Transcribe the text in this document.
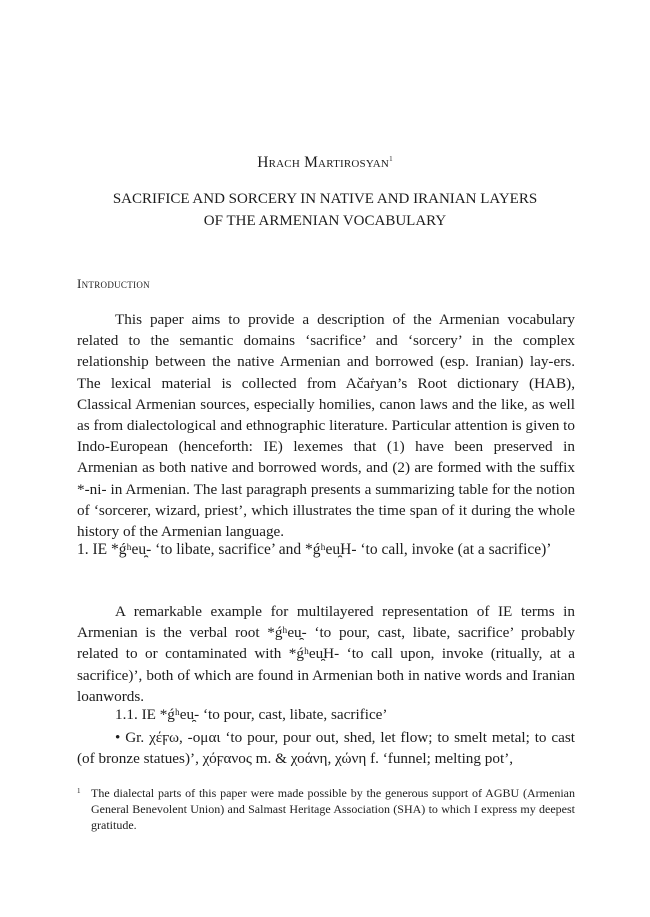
Hrach Martirosyan$^1$
SACRIFICE AND SORCERY IN NATIVE AND IRANIAN LAYERS
OF THE ARMENIAN VOCABULARY
Introduction
This paper aims to provide a description of the Armenian vocabulary related to the semantic domains ‘sacrifice’ and ‘sorcery’ in the complex relationship between the native Armenian and borrowed (esp. Iranian) lay-ers. The lexical material is collected from Ačaṙyan’s Root dictionary (HAB), Classical Armenian sources, especially homilies, canon laws and the like, as well as from dialectological and ethnographic literature. Particular attention is given to Indo-European (henceforth: IE) lexemes that (1) have been preserved in Armenian as both native and borrowed words, and (2) are formed with the suffix *-ni- in Armenian. The last paragraph presents a summarizing table for the notion of ‘sorcerer, wizard, priest’, which illustrates the time span of it during the whole history of the Armenian language.
1. IE *ǵʰeu̯- ‘to libate, sacrifice’ and *ǵʰeu̯H- ‘to call, invoke (at a sacrifice)’
A remarkable example for multilayered representation of IE terms in Armenian is the verbal root *ǵʰeu̯- ‘to pour, cast, libate, sacrifice’ probably related to or contaminated with *ǵʰeu̯H- ‘to call upon, invoke (ritually, at a sacrifice)’, both of which are found in Armenian both in native words and Iranian loanwords.
1.1. IE *ǵʰeu̯- ‘to pour, cast, libate, sacrifice’
• Gr. χέϝω, -ομαι ‘to pour, pour out, shed, let flow; to smelt metal; to cast (of bronze statues)’, χόϝανος m. & χοάνη, χώνη f. ‘funnel; melting pot’,
1 The dialectal parts of this paper were made possible by the generous support of AGBU (Armenian General Benevolent Union) and Salmast Heritage Association (SHA) to which I express my deepest gratitude.
